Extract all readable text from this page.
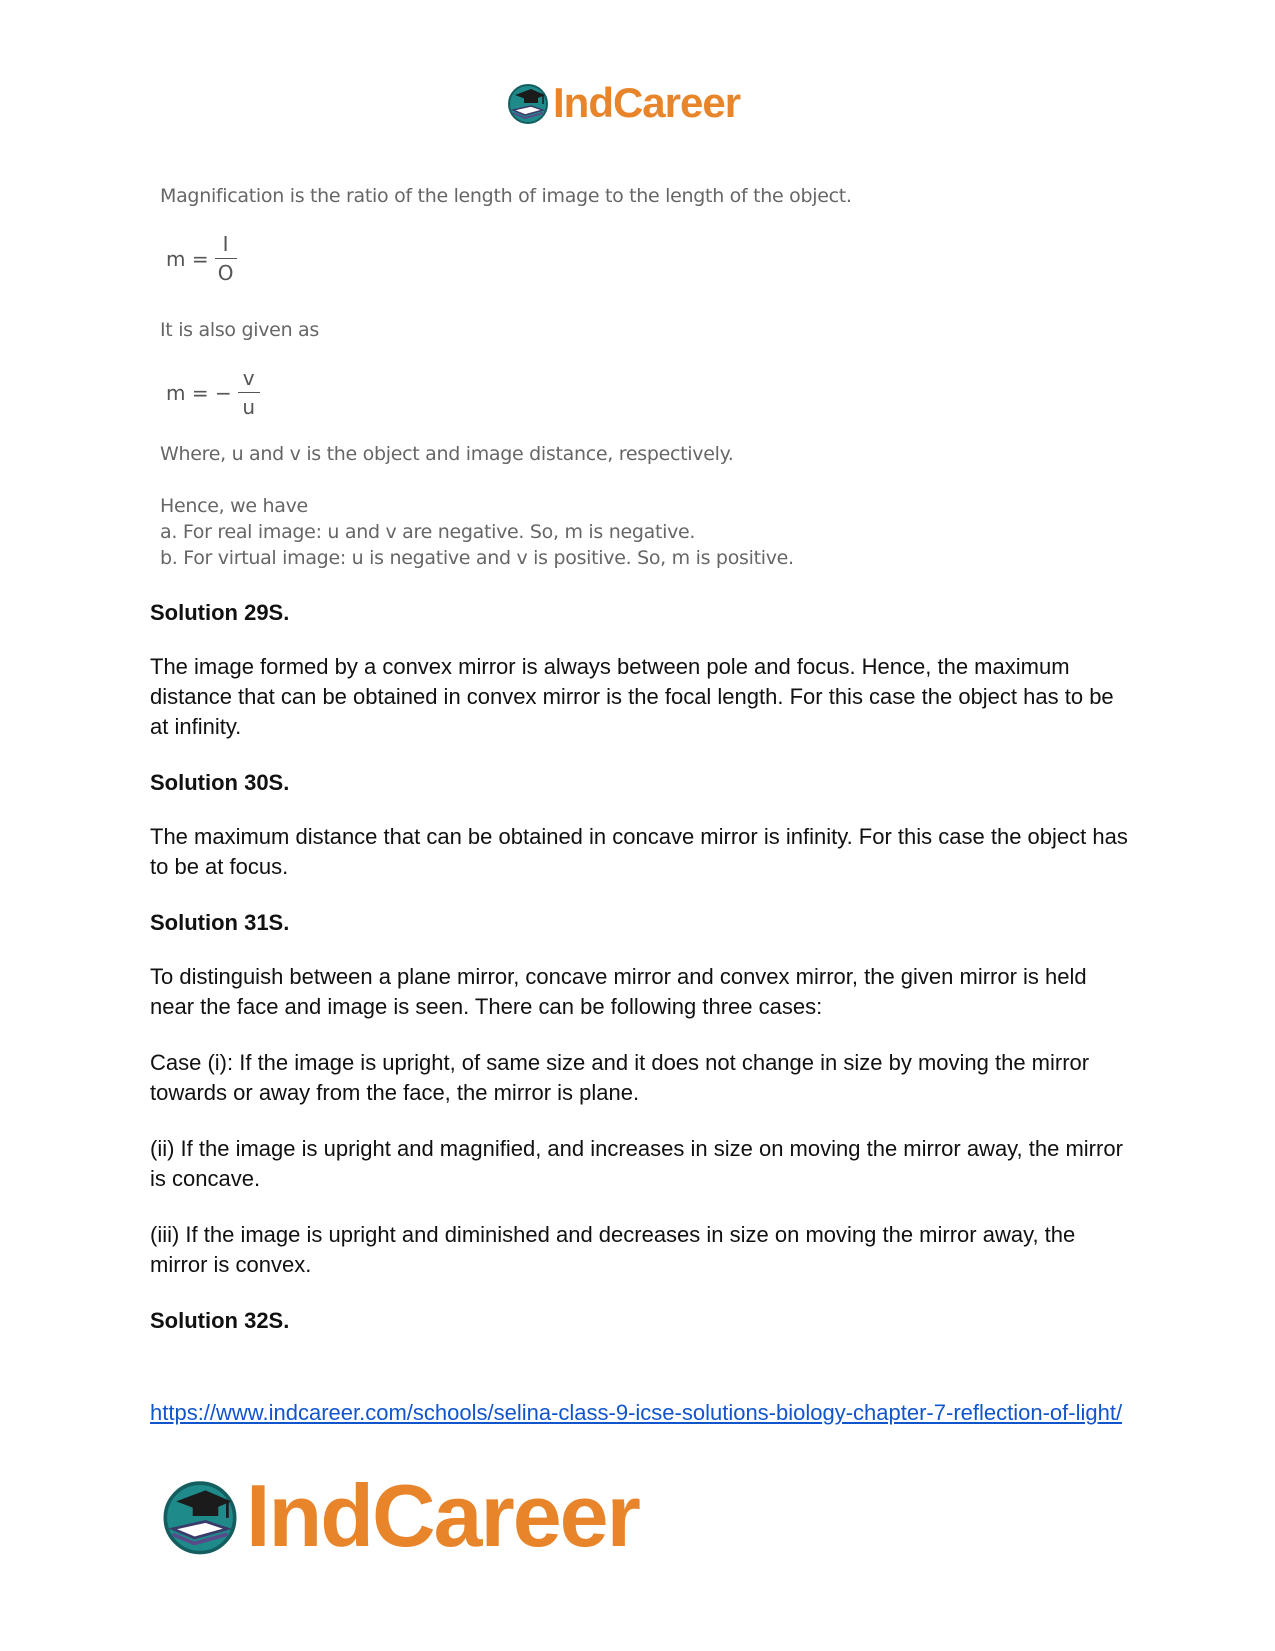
IndCareer
Magnification is the ratio of the length of image to the length of the object.
$m = \frac{I}{O}$
It is also given as
m = − $\frac{v}{u}$
Where, u and v is the object and image distance, respectively.
Hence, we have
a. For real image: u and v are negative. So, m is negative.
b. For virtual image: u is negative and v is positive. So, m is positive.

Solution 29S.

The image formed by a convex mirror is always between pole and focus. Hence, the maximum distance that can be obtained in convex mirror is the focal length. For this case the object has to be at infinity.

Solution 30S.

The maximum distance that can be obtained in concave mirror is infinity. For this case the object has to be at focus.

Solution 31S.

To distinguish between a plane mirror, concave mirror and convex mirror, the given mirror is held near the face and image is seen. There can be following three cases:

Case (i): If the image is upright, of same size and it does not change in size by moving the mirror towards or away from the face, the mirror is plane.

(ii) If the image is upright and magnified, and increases in size on moving the mirror away, the mirror is concave.

(iii) If the image is upright and diminished and decreases in size on moving the mirror away, the mirror is convex.

Solution 32S.

https://www.indcareer.com/schools/selina-class-9-icse-solutions-biology-chapter-7-reflection-of-light/
IndCareer
